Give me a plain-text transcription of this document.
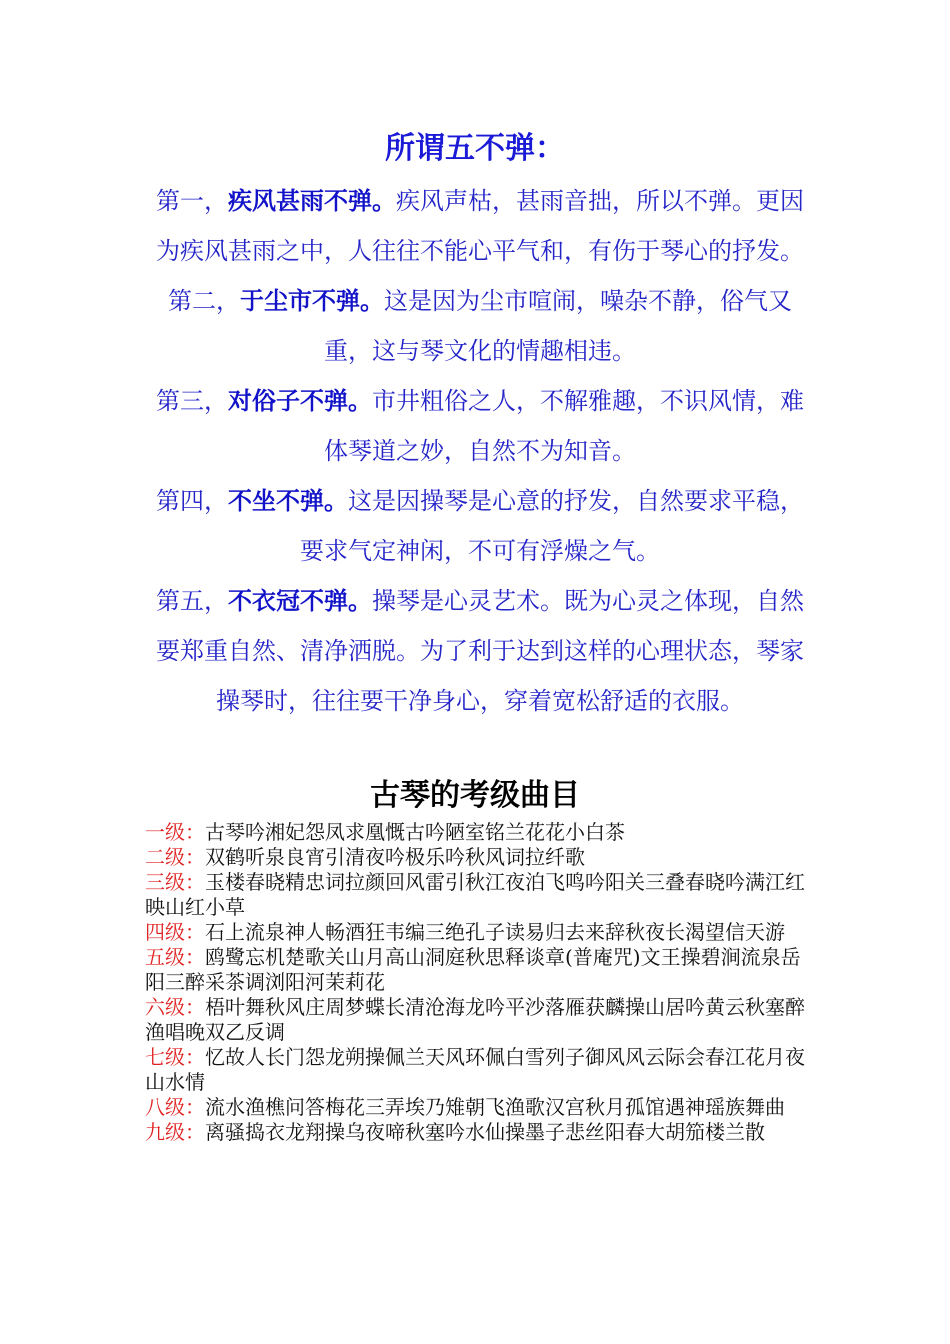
所谓五不弹：
第一，疾风甚雨不弹。疾风声枯，甚雨音拙，所以不弹。更因为疾风甚雨之中，人往往不能心平气和，有伤于琴心的抒发。
第二，于尘市不弹。这是因为尘市喧闹，噪杂不静，俗气又重，这与琴文化的情趣相违。
第三，对俗子不弹。市井粗俗之人，不解雅趣，不识风情，难体琴道之妙，自然不为知音。
第四，不坐不弹。这是因操琴是心意的抒发，自然要求平稳，要求气定神闲，不可有浮燥之气。
第五，不衣冠不弹。操琴是心灵艺术。既为心灵之体现，自然要郑重自然、清净洒脱。为了利于达到这样的心理状态，琴家操琴时，往往要干净身心，穿着宽松舒适的衣服。
古琴的考级曲目
一级：古琴吟湘妃怨凤求凰慨古吟陋室铭兰花花小白茶
二级：双鹤听泉良宵引清夜吟极乐吟秋风词拉纤歌
三级：玉楼春晓精忠词拉颜回风雷引秋江夜泊飞鸣吟阳关三叠春晓吟满江红映山红小草
四级：石上流泉神人畅酒狂韦编三绝孔子读易归去来辞秋夜长渴望信天游
五级：鸥鹭忘机楚歌关山月高山洞庭秋思释谈章(普庵咒)文王操碧涧流泉岳阳三醉采茶调浏阳河茉莉花
六级：梧叶舞秋风庄周梦蝶长清沧海龙吟平沙落雁获麟操山居吟黄云秋塞醉渔唱晚双乙反调
七级：忆故人长门怨龙朔操佩兰天风环佩白雪列子御风风云际会春江花月夜山水情
八级：流水渔樵问答梅花三弄埃乃雉朝飞渔歌汉宫秋月孤馆遇神瑶族舞曲
九级：离骚捣衣龙翔操乌夜啼秋塞吟水仙操墨子悲丝阳春大胡笳楼兰散
